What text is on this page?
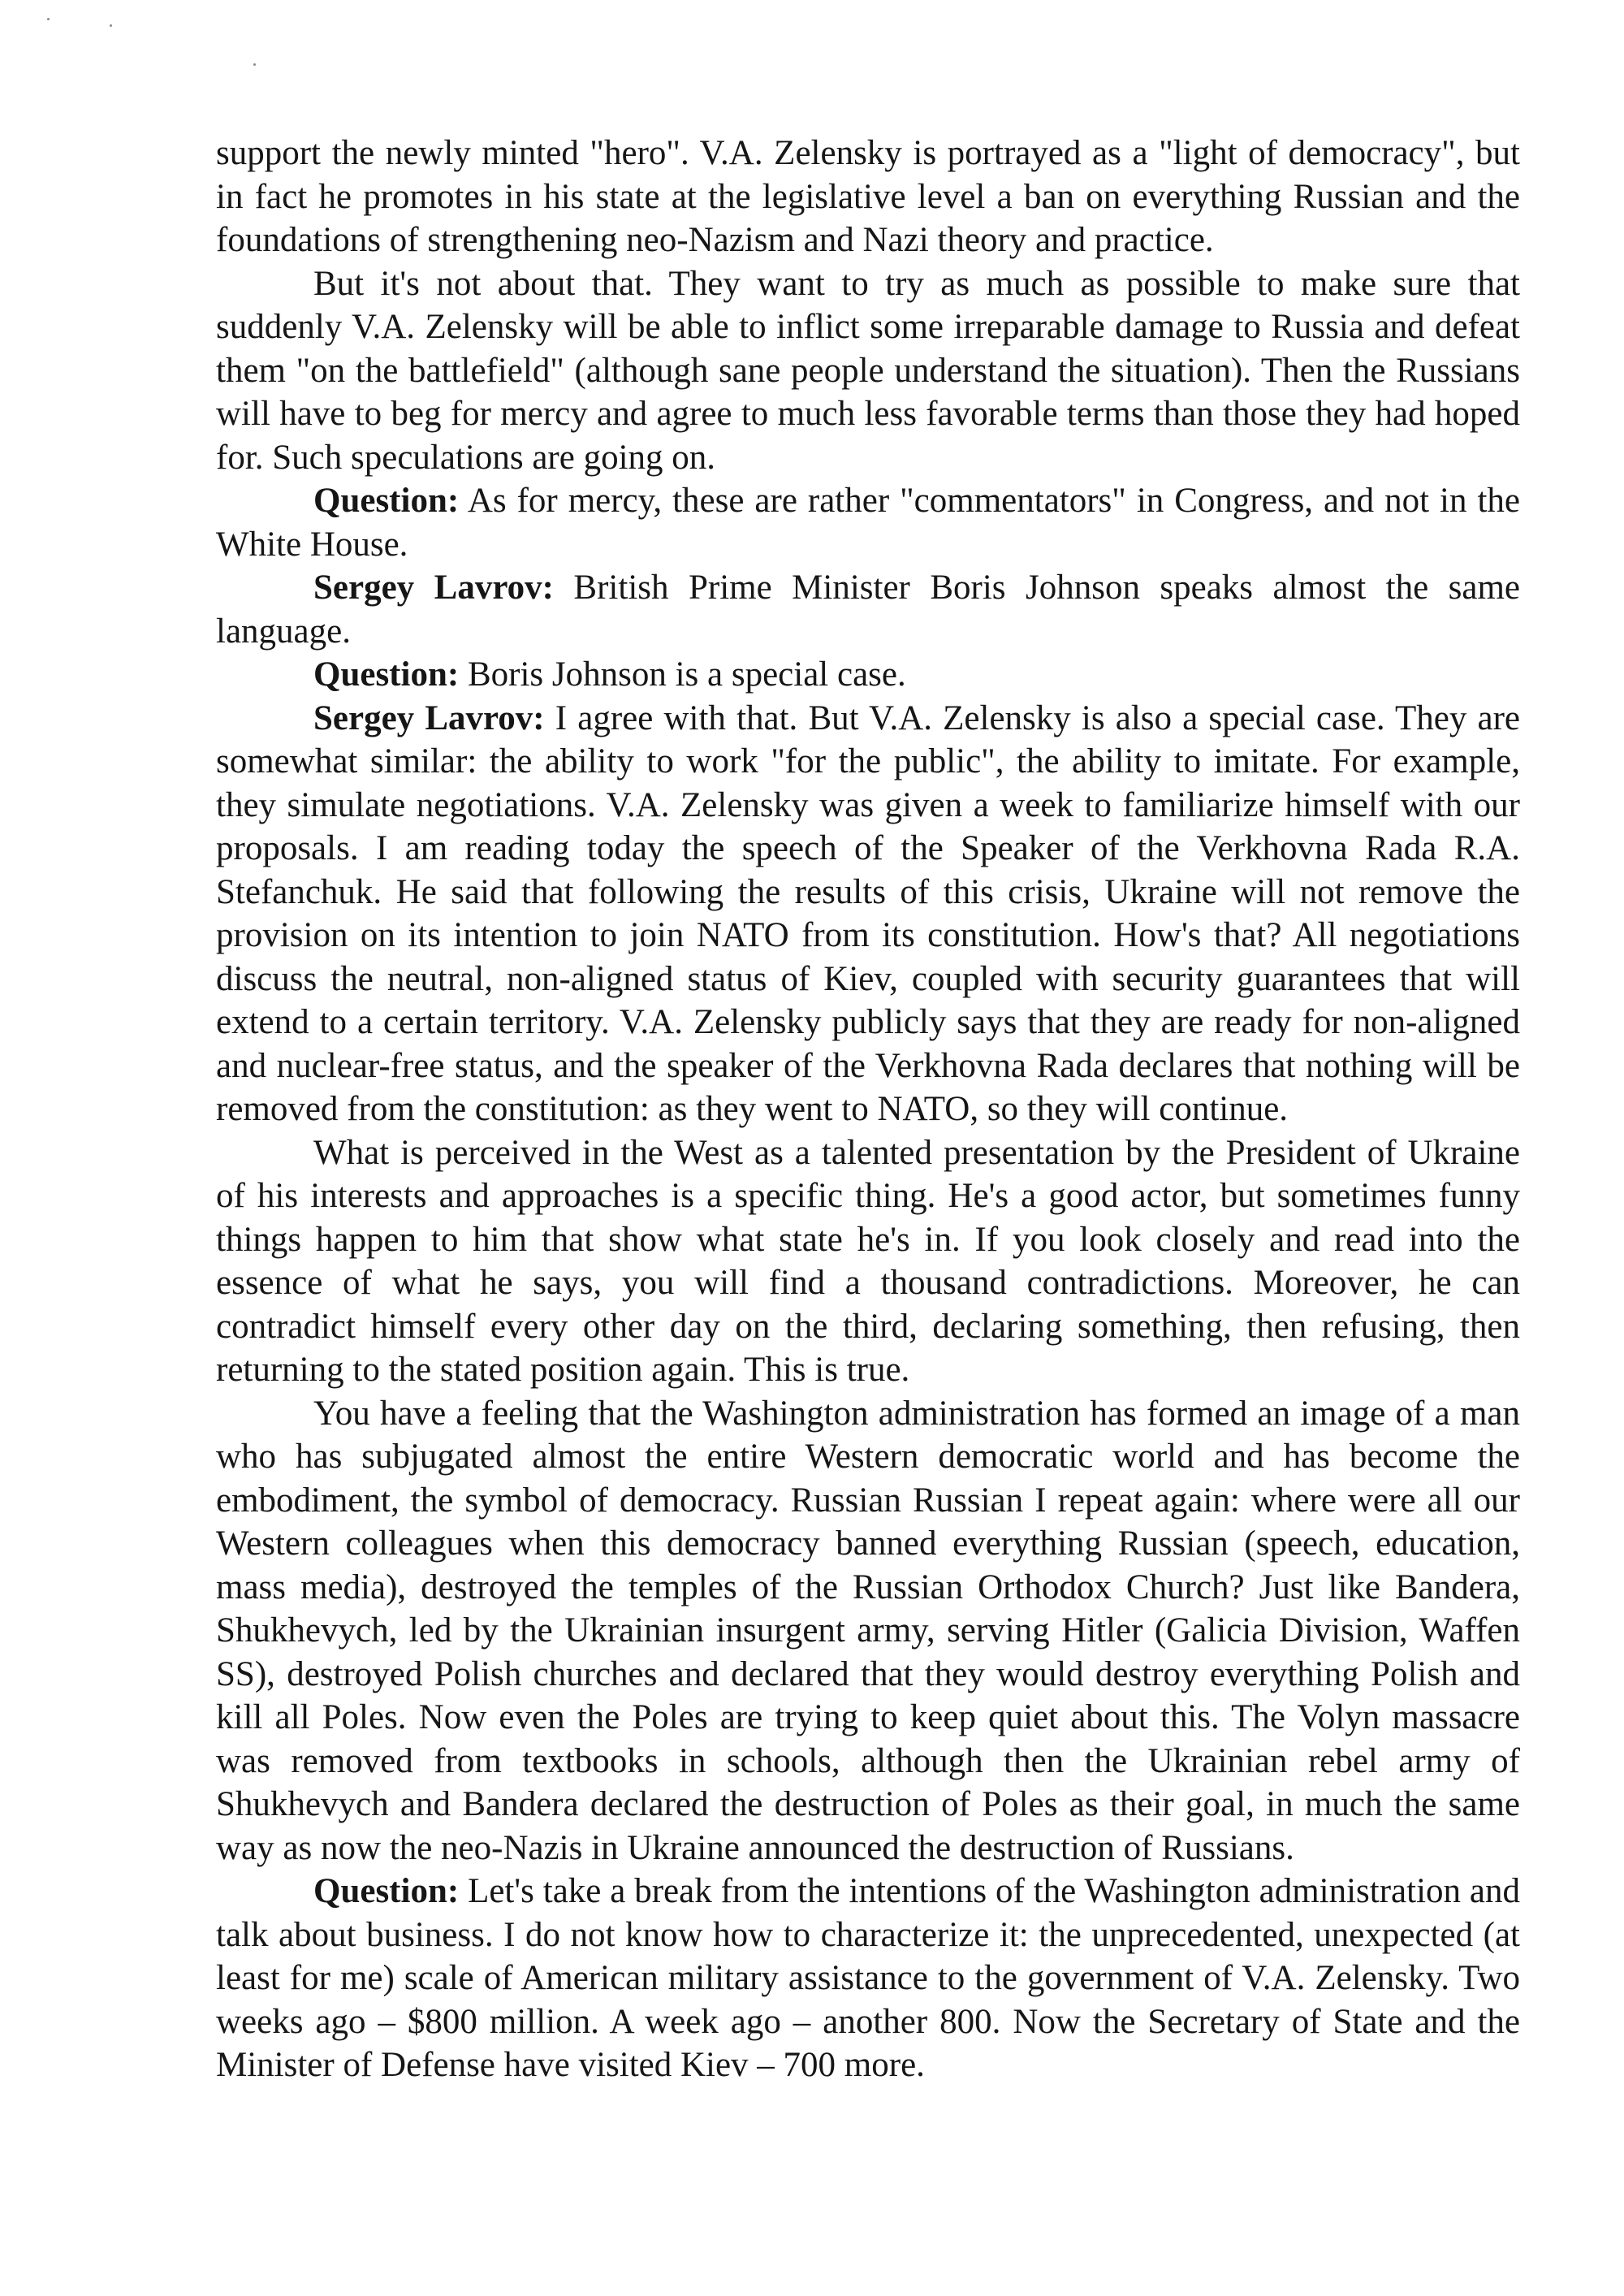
support the newly minted "hero". V.A. Zelensky is portrayed as a "light of democracy", but in fact he promotes in his state at the legislative level a ban on everything Russian and the foundations of strengthening neo-Nazism and Nazi theory and practice.

But it's not about that. They want to try as much as possible to make sure that suddenly V.A. Zelensky will be able to inflict some irreparable damage to Russia and defeat them "on the battlefield" (although sane people understand the situation). Then the Russians will have to beg for mercy and agree to much less favorable terms than those they had hoped for. Such speculations are going on.

Question: As for mercy, these are rather "commentators" in Congress, and not in the White House.

Sergey Lavrov: British Prime Minister Boris Johnson speaks almost the same language.

Question: Boris Johnson is a special case.

Sergey Lavrov: I agree with that. But V.A. Zelensky is also a special case. They are somewhat similar: the ability to work "for the public", the ability to imitate. For example, they simulate negotiations. V.A. Zelensky was given a week to familiarize himself with our proposals. I am reading today the speech of the Speaker of the Verkhovna Rada R.A. Stefanchuk. He said that following the results of this crisis, Ukraine will not remove the provision on its intention to join NATO from its constitution. How's that? All negotiations discuss the neutral, non-aligned status of Kiev, coupled with security guarantees that will extend to a certain territory. V.A. Zelensky publicly says that they are ready for non-aligned and nuclear-free status, and the speaker of the Verkhovna Rada declares that nothing will be removed from the constitution: as they went to NATO, so they will continue.

What is perceived in the West as a talented presentation by the President of Ukraine of his interests and approaches is a specific thing. He's a good actor, but sometimes funny things happen to him that show what state he's in. If you look closely and read into the essence of what he says, you will find a thousand contradictions. Moreover, he can contradict himself every other day on the third, declaring something, then refusing, then returning to the stated position again. This is true.

You have a feeling that the Washington administration has formed an image of a man who has subjugated almost the entire Western democratic world and has become the embodiment, the symbol of democracy. Russian Russian I repeat again: where were all our Western colleagues when this democracy banned everything Russian (speech, education, mass media), destroyed the temples of the Russian Orthodox Church? Just like Bandera, Shukhevych, led by the Ukrainian insurgent army, serving Hitler (Galicia Division, Waffen SS), destroyed Polish churches and declared that they would destroy everything Polish and kill all Poles. Now even the Poles are trying to keep quiet about this. The Volyn massacre was removed from textbooks in schools, although then the Ukrainian rebel army of Shukhevych and Bandera declared the destruction of Poles as their goal, in much the same way as now the neo-Nazis in Ukraine announced the destruction of Russians.

Question: Let's take a break from the intentions of the Washington administration and talk about business. I do not know how to characterize it: the unprecedented, unexpected (at least for me) scale of American military assistance to the government of V.A. Zelensky. Two weeks ago – $800 million. A week ago – another 800. Now the Secretary of State and the Minister of Defense have visited Kiev – 700 more.
